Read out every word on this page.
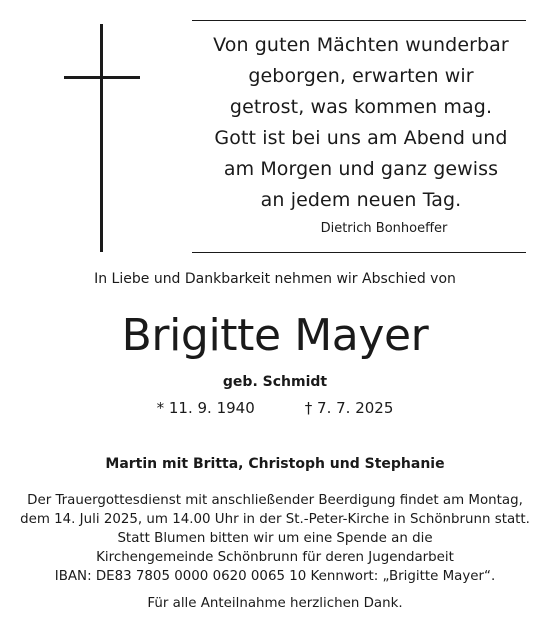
Von guten Mächten wunderbar
geborgen, erwarten wir
getrost, was kommen mag.
Gott ist bei uns am Abend und
am Morgen und ganz gewiss
an jedem neuen Tag.
Dietrich Bonhoeffer
In Liebe und Dankbarkeit nehmen wir Abschied von
Brigitte Mayer
geb. Schmidt
* 11. 9. 1940	† 7. 7. 2025
Martin mit Britta, Christoph und Stephanie
Der Trauergottesdienst mit anschließender Beerdigung findet am Montag,
dem 14. Juli 2025, um 14.00 Uhr in der St.-Peter-Kirche in Schönbrunn statt.
Statt Blumen bitten wir um eine Spende an die
Kirchengemeinde Schönbrunn für deren Jugendarbeit
IBAN: DE83 7805 0000 0620 0065 10 Kennwort: „Brigitte Mayer“.
Für alle Anteilnahme herzlichen Dank.
